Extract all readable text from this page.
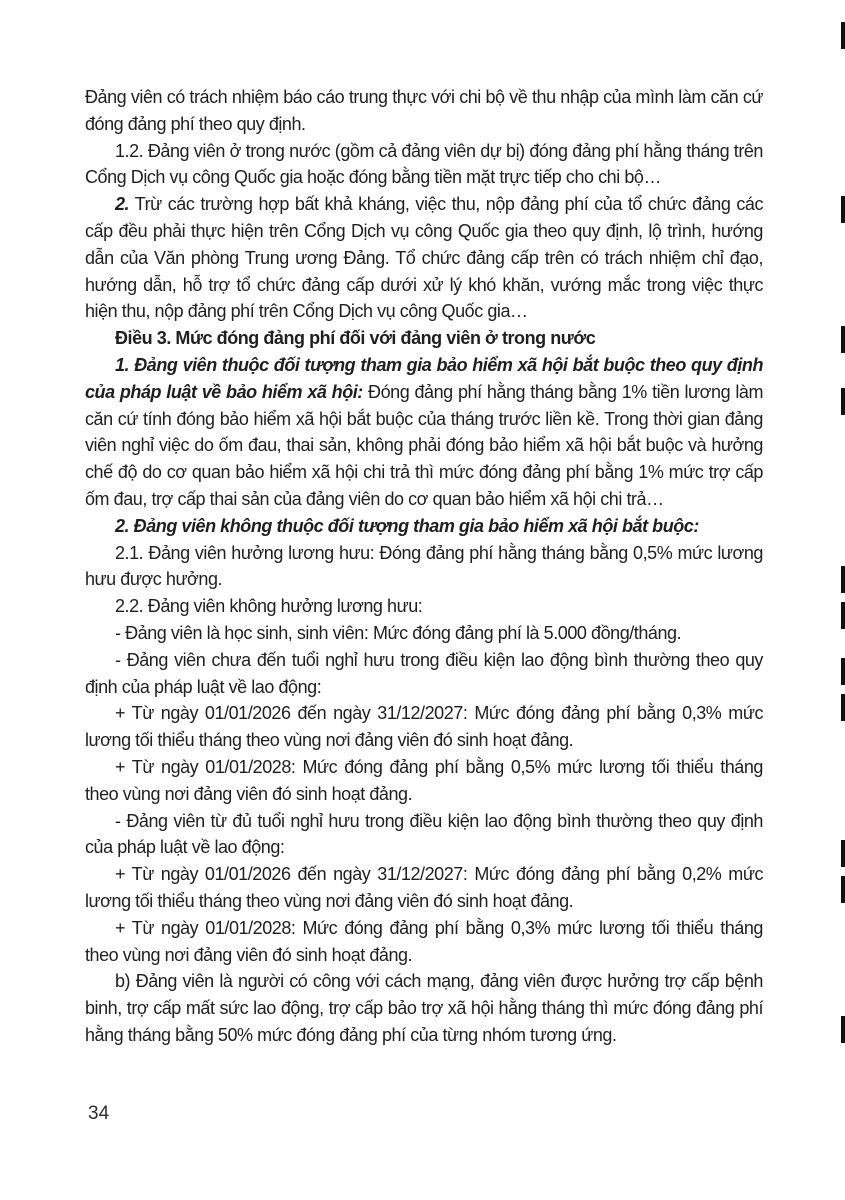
Đảng viên có trách nhiệm báo cáo trung thực với chi bộ về thu nhập của mình làm căn cứ đóng đảng phí theo quy định.

1.2. Đảng viên ở trong nước (gồm cả đảng viên dự bị) đóng đảng phí hằng tháng trên Cổng Dịch vụ công Quốc gia hoặc đóng bằng tiền mặt trực tiếp cho chi bộ…

2. Trừ các trường hợp bất khả kháng, việc thu, nộp đảng phí của tổ chức đảng các cấp đều phải thực hiện trên Cổng Dịch vụ công Quốc gia theo quy định, lộ trình, hướng dẫn của Văn phòng Trung ương Đảng. Tổ chức đảng cấp trên có trách nhiệm chỉ đạo, hướng dẫn, hỗ trợ tổ chức đảng cấp dưới xử lý khó khăn, vướng mắc trong việc thực hiện thu, nộp đảng phí trên Cổng Dịch vụ công Quốc gia…

Điều 3. Mức đóng đảng phí đối với đảng viên ở trong nước

1. Đảng viên thuộc đối tượng tham gia bảo hiểm xã hội bắt buộc theo quy định của pháp luật về bảo hiểm xã hội: Đóng đảng phí hằng tháng bằng 1% tiền lương làm căn cứ tính đóng bảo hiểm xã hội bắt buộc của tháng trước liền kề. Trong thời gian đảng viên nghỉ việc do ốm đau, thai sản, không phải đóng bảo hiểm xã hội bắt buộc và hưởng chế độ do cơ quan bảo hiểm xã hội chi trả thì mức đóng đảng phí bằng 1% mức trợ cấp ốm đau, trợ cấp thai sản của đảng viên do cơ quan bảo hiểm xã hội chi trả…

2. Đảng viên không thuộc đối tượng tham gia bảo hiểm xã hội bắt buộc:

2.1. Đảng viên hưởng lương hưu: Đóng đảng phí hằng tháng bằng 0,5% mức lương hưu được hưởng.

2.2. Đảng viên không hưởng lương hưu:

- Đảng viên là học sinh, sinh viên: Mức đóng đảng phí là 5.000 đồng/tháng.

- Đảng viên chưa đến tuổi nghỉ hưu trong điều kiện lao động bình thường theo quy định của pháp luật về lao động:

+ Từ ngày 01/01/2026 đến ngày 31/12/2027: Mức đóng đảng phí bằng 0,3% mức lương tối thiểu tháng theo vùng nơi đảng viên đó sinh hoạt đảng.

+ Từ ngày 01/01/2028: Mức đóng đảng phí bằng 0,5% mức lương tối thiểu tháng theo vùng nơi đảng viên đó sinh hoạt đảng.

- Đảng viên từ đủ tuổi nghỉ hưu trong điều kiện lao động bình thường theo quy định của pháp luật về lao động:

+ Từ ngày 01/01/2026 đến ngày 31/12/2027: Mức đóng đảng phí bằng 0,2% mức lương tối thiểu tháng theo vùng nơi đảng viên đó sinh hoạt đảng.

+ Từ ngày 01/01/2028: Mức đóng đảng phí bằng 0,3% mức lương tối thiểu tháng theo vùng nơi đảng viên đó sinh hoạt đảng.

b) Đảng viên là người có công với cách mạng, đảng viên được hưởng trợ cấp bệnh binh, trợ cấp mất sức lao động, trợ cấp bảo trợ xã hội hằng tháng thì mức đóng đảng phí hằng tháng bằng 50% mức đóng đảng phí của từng nhóm tương ứng.

34
